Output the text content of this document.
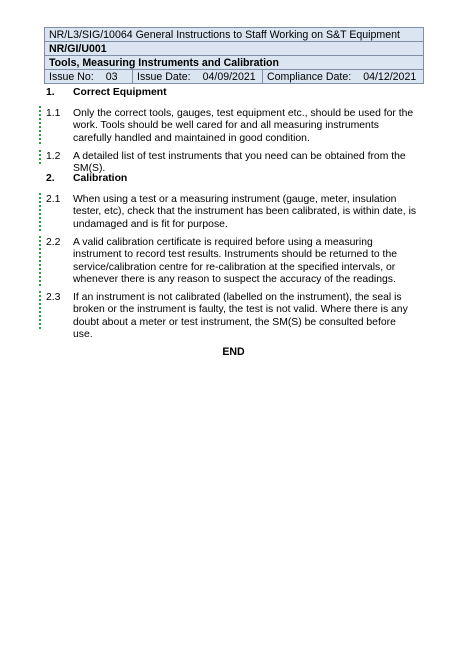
NR/L3/SIG/10064 General Instructions to Staff Working on S&T Equipment
NR/GI/U001
Tools, Measuring Instruments and Calibration
Issue No: 03	Issue Date: 04/09/2021	Compliance Date: 04/12/2021
1. Correct Equipment
1.1 Only the correct tools, gauges, test equipment etc., should be used for the work. Tools should be well cared for and all measuring instruments carefully handled and maintained in good condition.
1.2 A detailed list of test instruments that you need can be obtained from the SM(S).
2. Calibration
2.1 When using a test or a measuring instrument (gauge, meter, insulation tester, etc), check that the instrument has been calibrated, is within date, is undamaged and is fit for purpose.
2.2 A valid calibration certificate is required before using a measuring instrument to record test results. Instruments should be returned to the service/calibration centre for re-calibration at the specified intervals, or whenever there is any reason to suspect the accuracy of the readings.
2.3 If an instrument is not calibrated (labelled on the instrument), the seal is broken or the instrument is faulty, the test is not valid. Where there is any doubt about a meter or test instrument, the SM(S) be consulted before use.
END
